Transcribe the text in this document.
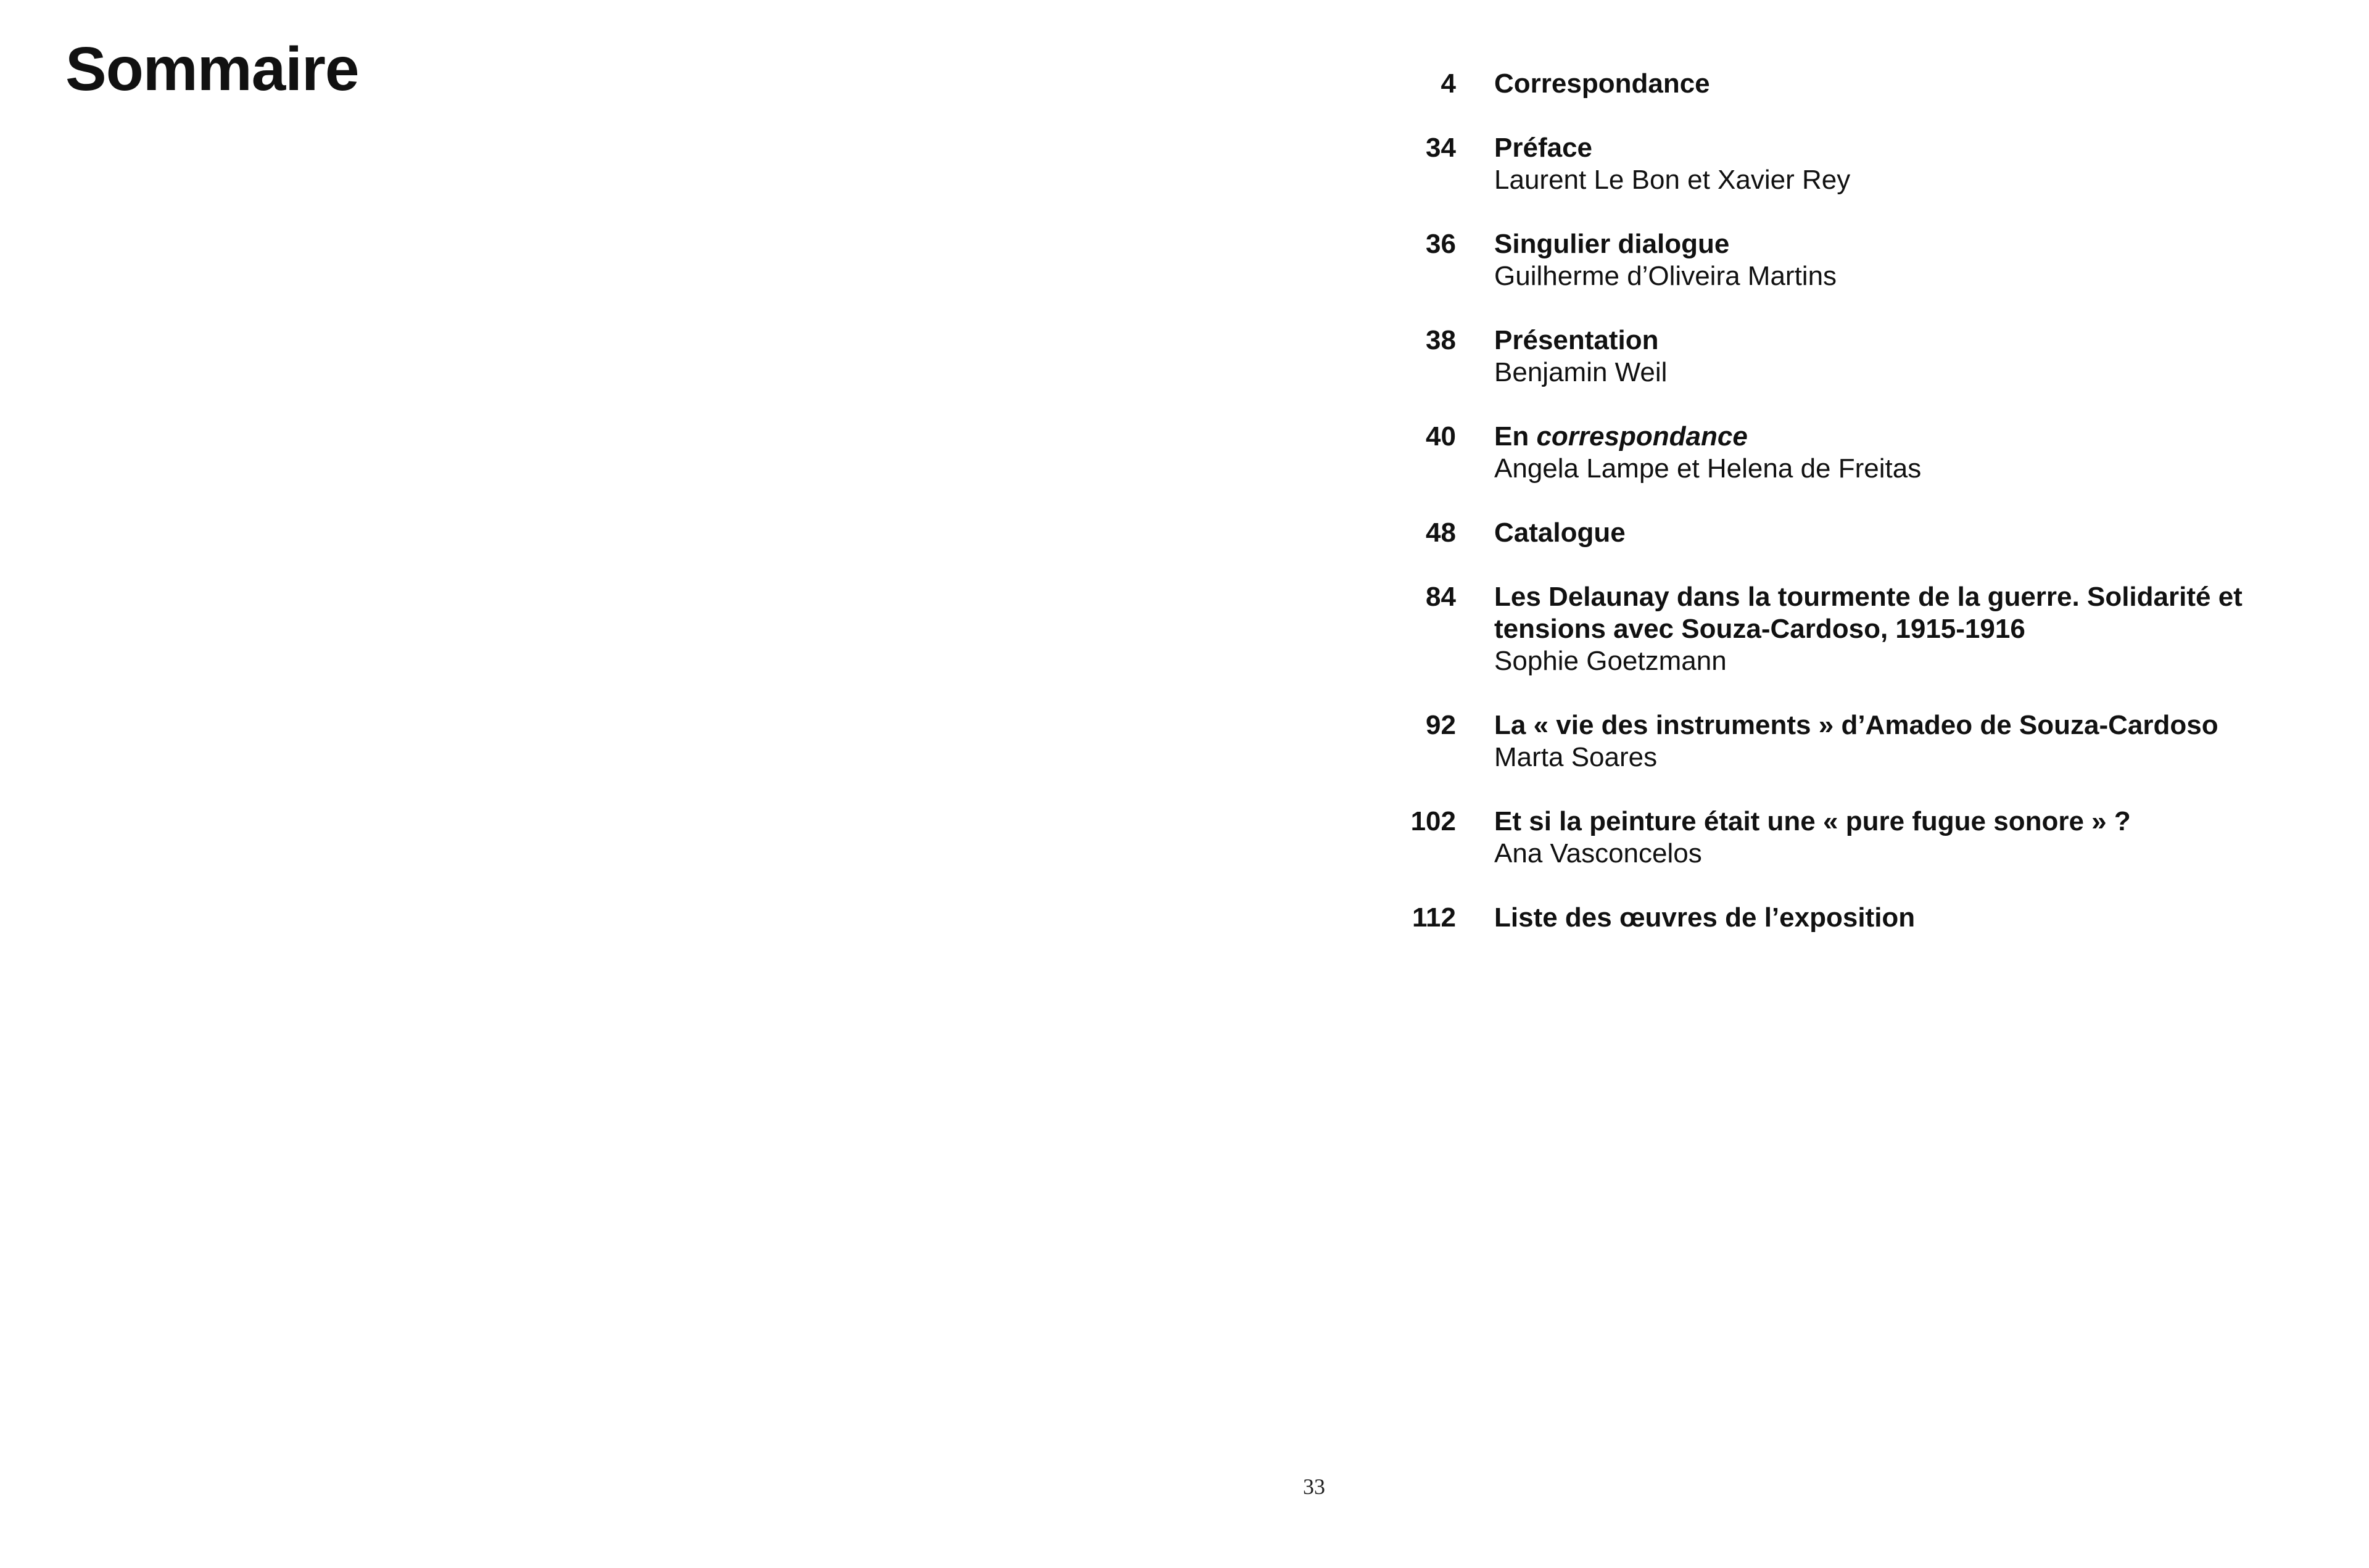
Sommaire	4 Correspondance
34 Préface
Laurent Le Bon et Xavier Rey
36 Singulier dialogue
Guilherme d’Oliveira Martins
38 Présentation
Benjamin Weil
40 En correspondance
Angela Lampe et Helena de Freitas
48 Catalogue
84 Les Delaunay dans la tourmente de la guerre. Solidarité et tensions avec Souza-Cardoso, 1915-1916
Sophie Goetzmann
92 La « vie des instruments » d’Amadeo de Souza-Cardoso
Marta Soares
102 Et si la peinture était une « pure fugue sonore » ?
Ana Vasconcelos
112 Liste des œuvres de l’exposition
33
